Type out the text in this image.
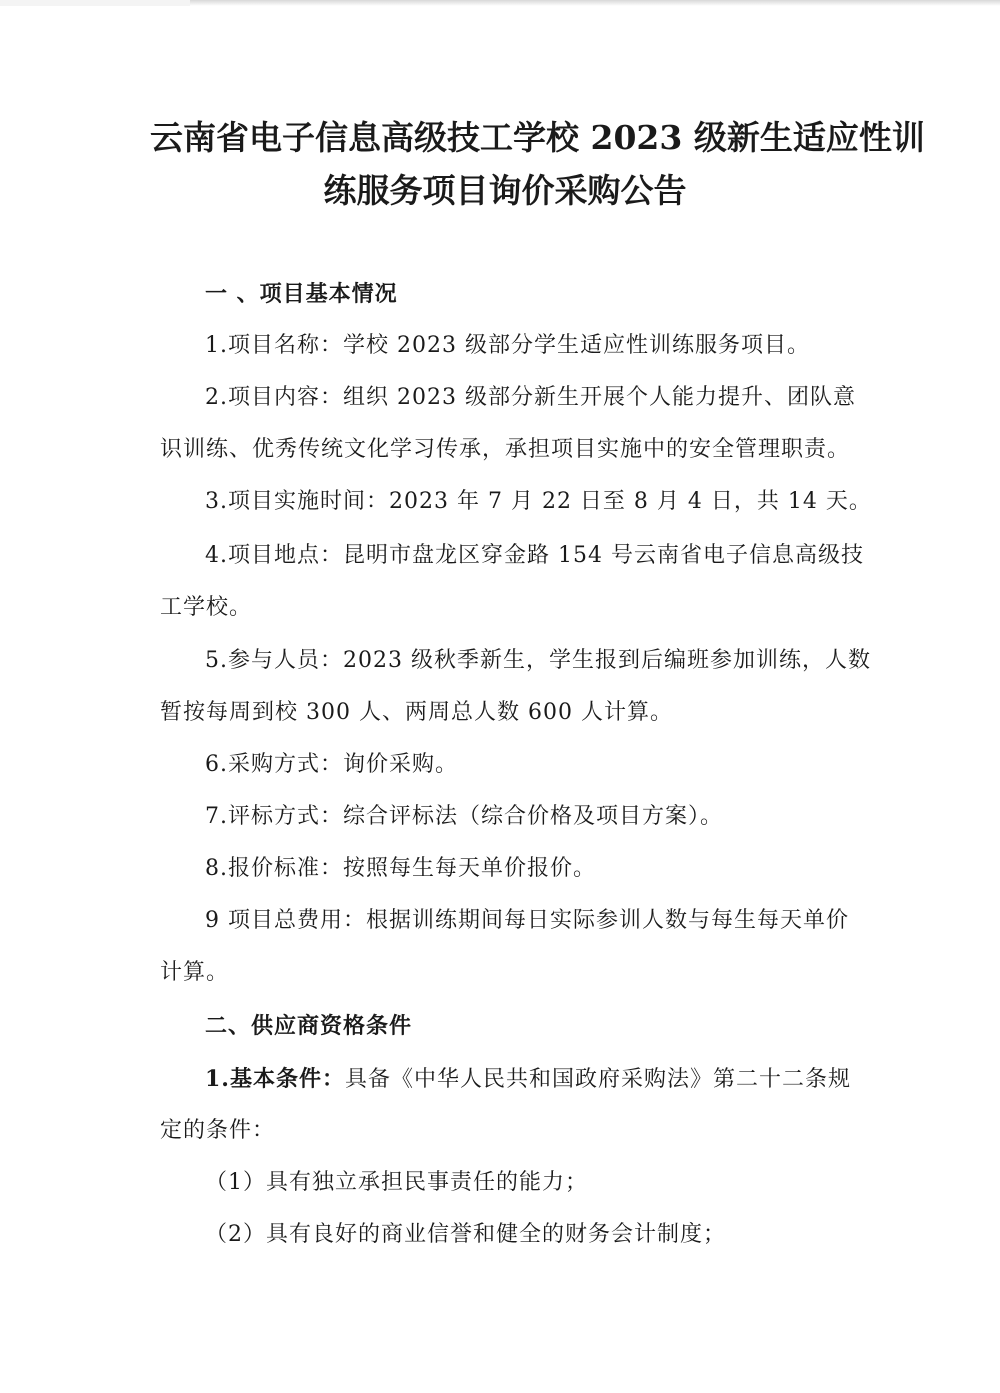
云南省电子信息高级技工学校 2023 级新生适应性训
练服务项目询价采购公告
一 、项目基本情况
1.项目名称：学校 2023 级部分学生适应性训练服务项目。
2.项目内容：组织 2023 级部分新生开展个人能力提升、团队意
识训练、优秀传统文化学习传承，承担项目实施中的安全管理职责。
3.项目实施时间：2023 年 7 月 22 日至 8 月 4 日，共 14 天。
4.项目地点：昆明市盘龙区穿金路 154 号云南省电子信息高级技
工学校。
5.参与人员：2023 级秋季新生，学生报到后编班参加训练，人数
暂按每周到校 300 人、两周总人数 600 人计算。
6.采购方式：询价采购。
7.评标方式：综合评标法（综合价格及项目方案）。
8.报价标准：按照每生每天单价报价。
9 项目总费用：根据训练期间每日实际参训人数与每生每天单价
计算。
二、供应商资格条件
1.基本条件：具备《中华人民共和国政府采购法》第二十二条规
定的条件：
（1）具有独立承担民事责任的能力；
（2）具有良好的商业信誉和健全的财务会计制度；
